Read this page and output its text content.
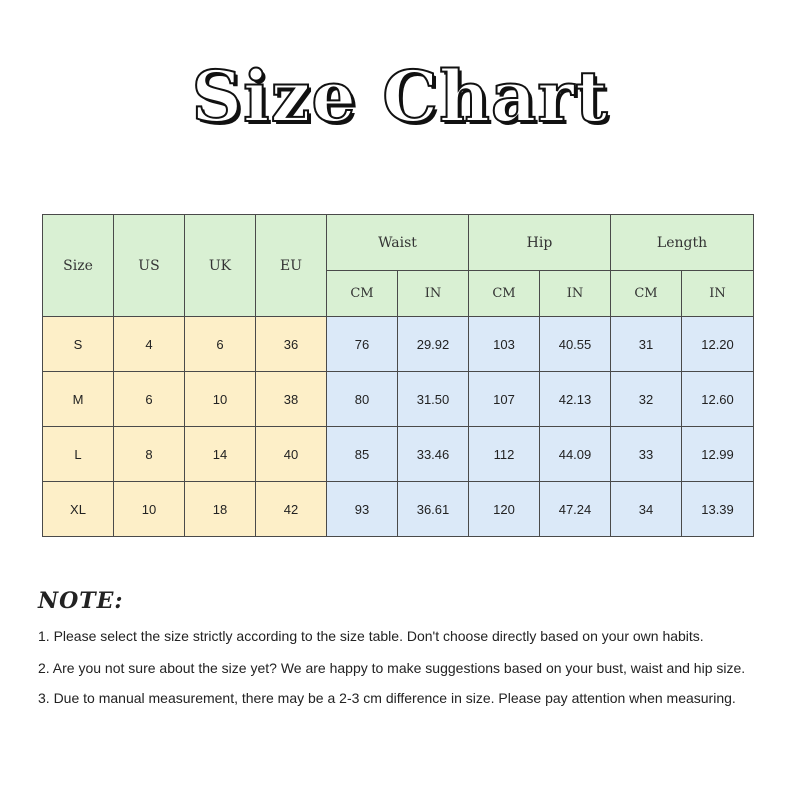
Size Chart
Size	US	UK	EU	Waist		Hip		Length	
				CM	IN	CM	IN	CM	IN
S	4	6	36	76	29.92	103	40.55	31	12.20
M	6	10	38	80	31.50	107	42.13	32	12.60
L	8	14	40	85	33.46	112	44.09	33	12.99
XL	10	18	42	93	36.61	120	47.24	34	13.39
NOTE:
1. Please select the size strictly according to the size table. Don't choose directly based on your own habits.
2. Are you not sure about the size yet? We are happy to make suggestions based on your bust, waist and hip size.
3. Due to manual measurement, there may be a 2-3 cm difference in size. Please pay attention when measuring.
